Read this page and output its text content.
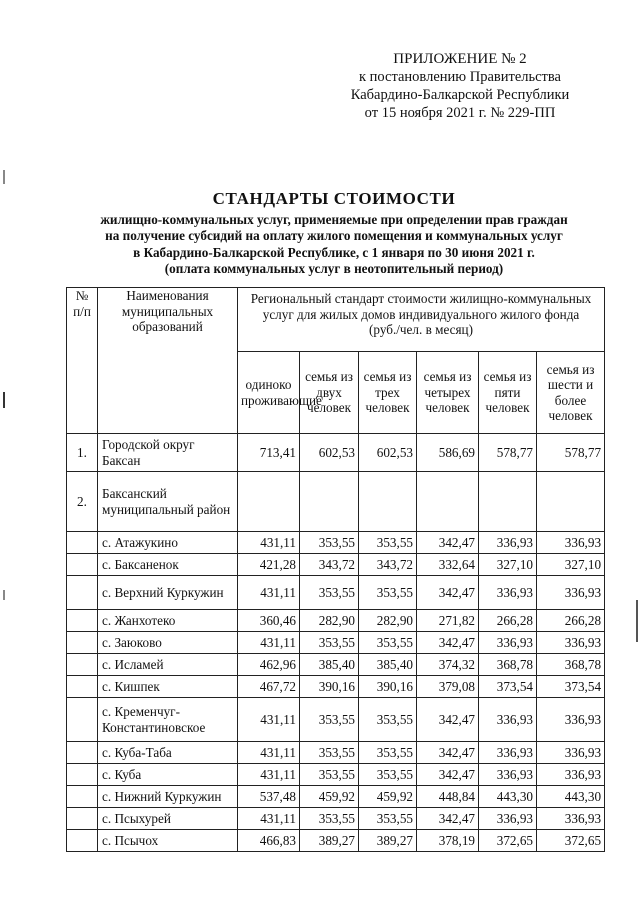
ПРИЛОЖЕНИЕ № 2
к постановлению Правительства
Кабардино-Балкарской Республики
от 15 ноября 2021 г. № 229-ПП
СТАНДАРТЫ СТОИМОСТИ
жилищно-коммунальных услуг, применяемые при определении прав граждан
на получение субсидий на оплату жилого помещения и коммунальных услуг
в Кабардино-Балкарской Республике, с 1 января по 30 июня 2021 г.
(оплата коммунальных услуг в неотопительный период)
№ п/п	Наименования муниципальных образований	Региональный стандарт стоимости жилищно-коммунальных услуг для жилых домов индивидуального жилого фонда (руб./чел. в месяц)					
		одиноко проживающие	семья из двух человек	семья из трех человек	семья из четырех человек	семья из пяти человек	семья из шести и более человек
1.	Городской округ Баксан	713,41	602,53	602,53	586,69	578,77	578,77
2.	Баксанский муниципальный район						
	с. Атажукино	431,11	353,55	353,55	342,47	336,93	336,93
	с. Баксаненок	421,28	343,72	343,72	332,64	327,10	327,10
	с. Верхний Куркужин	431,11	353,55	353,55	342,47	336,93	336,93
	с. Жанхотеко	360,46	282,90	282,90	271,82	266,28	266,28
	с. Заюково	431,11	353,55	353,55	342,47	336,93	336,93
	с. Исламей	462,96	385,40	385,40	374,32	368,78	368,78
	с. Кишпек	467,72	390,16	390,16	379,08	373,54	373,54
	с. Кременчуг-Константиновское	431,11	353,55	353,55	342,47	336,93	336,93
	с. Куба-Таба	431,11	353,55	353,55	342,47	336,93	336,93
	с. Куба	431,11	353,55	353,55	342,47	336,93	336,93
	с. Нижний Куркужин	537,48	459,92	459,92	448,84	443,30	443,30
	с. Псыхурей	431,11	353,55	353,55	342,47	336,93	336,93
	с. Псычох	466,83	389,27	389,27	378,19	372,65	372,65
